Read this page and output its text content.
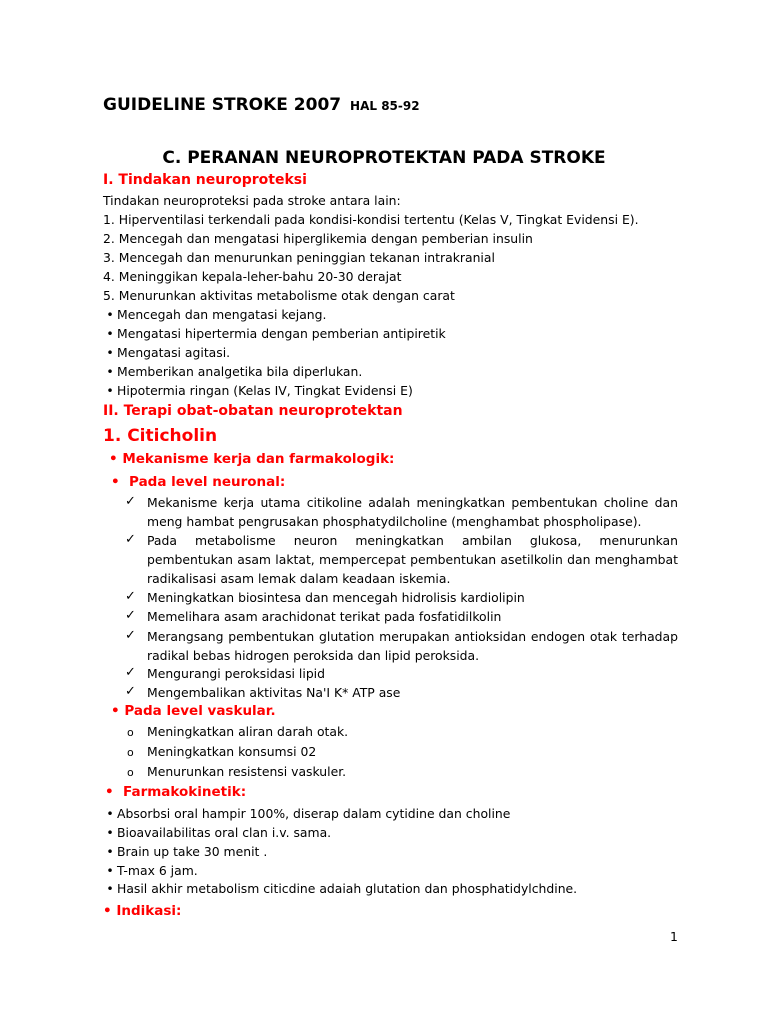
GUIDELINE STROKE 2007 HAL 85-92
C. PERANAN NEUROPROTEKTAN PADA STROKE
I. Tindakan neuroproteksi
Tindakan neuroproteksi pada stroke antara lain:
1. Hiperventilasi terkendali pada kondisi-kondisi tertentu (Kelas V, Tingkat Evidensi E).
2. Mencegah dan mengatasi hiperglikemia dengan pemberian insulin
3. Mencegah dan menurunkan peninggian tekanan intrakranial
4. Meninggikan kepala-leher-bahu 20-30 derajat
5. Menurunkan aktivitas metabolisme otak dengan carat
• Mencegah dan mengatasi kejang.
• Mengatasi hipertermia dengan pemberian antipiretik
• Mengatasi agitasi.
• Memberikan analgetika bila diperlukan.
• Hipotermia ringan (Kelas IV, Tingkat Evidensi E)
II. Terapi obat-obatan neuroprotektan
1. Citicholin
• Mekanisme kerja dan farmakologik:
•  Pada level neuronal:
✓ Mekanisme kerja utama citikoline adalah meningkatkan pembentukan choline dan meng hambat pengrusakan phosphatydilcholine (menghambat phospholipase).
✓ Pada metabolisme neuron meningkatkan ambilan glukosa, menurunkan pembentukan asam laktat, mempercepat pembentukan asetilkolin dan menghambat radikalisasi asam lemak dalam keadaan iskemia.
✓ Meningkatkan biosintesa dan mencegah hidrolisis kardiolipin
✓ Memelihara asam arachidonat terikat pada fosfatidilkolin
✓ Merangsang pembentukan glutation merupakan antioksidan endogen otak terhadap radikal bebas hidrogen peroksida dan lipid peroksida.
✓ Mengurangi peroksidasi lipid
✓ Mengembalikan aktivitas Na'I K* ATP ase
• Pada level vaskular.
o Meningkatkan aliran darah otak.
o Meningkatkan konsumsi 02
o Menurunkan resistensi vaskuler.
•  Farmakokinetik:
• Absorbsi oral hampir 100%, diserap dalam cytidine dan choline
• Bioavailabilitas oral clan i.v. sama.
• Brain up take 30 menit .
• T-max 6 jam.
• Hasil akhir metabolism citicdine adaiah glutation dan phosphatidylchdine.
• Indikasi:
1
